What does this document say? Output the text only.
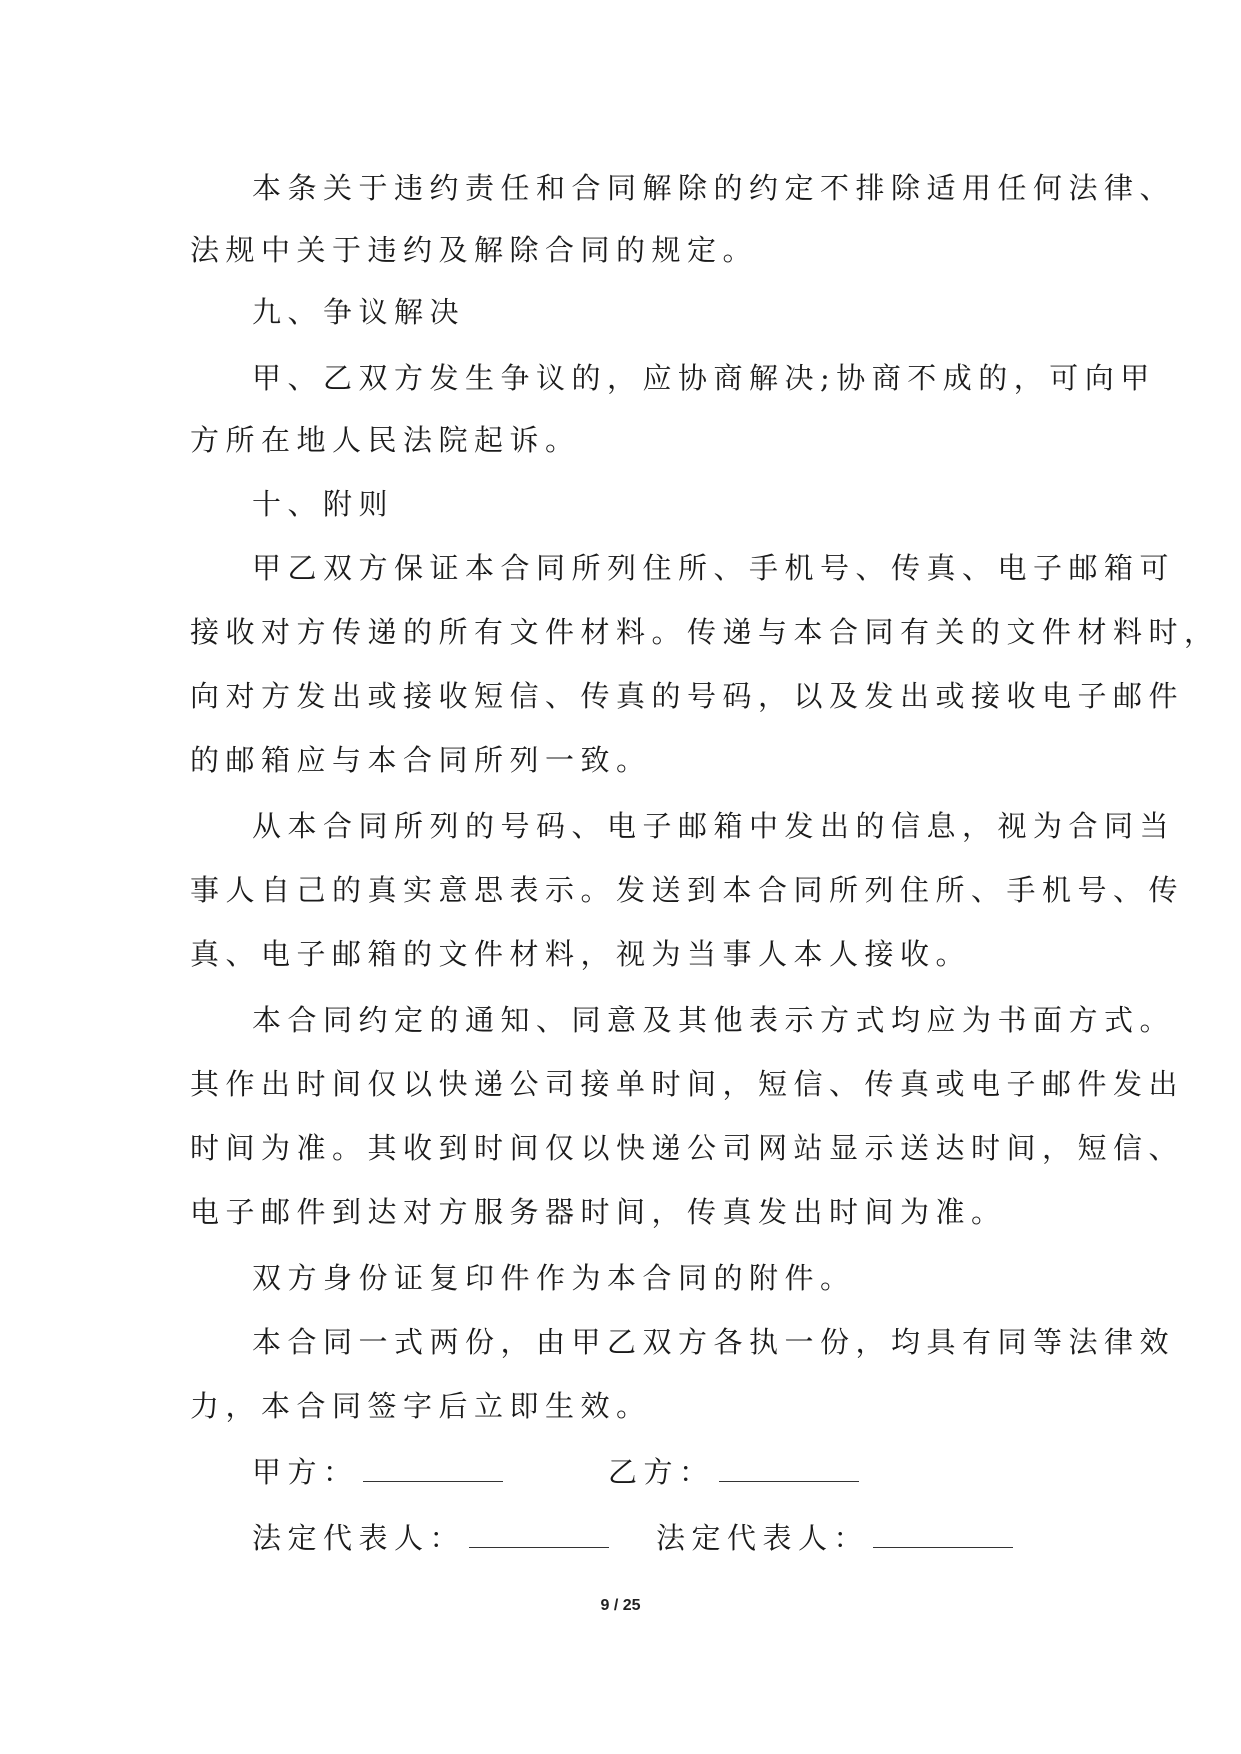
本条关于违约责任和合同解除的约定不排除适用任何法律、
法规中关于违约及解除合同的规定。
九、争议解决
甲、乙双方发生争议的，应协商解决;协商不成的，可向甲
方所在地人民法院起诉。
十、附则
甲乙双方保证本合同所列住所、手机号、传真、电子邮箱可
接收对方传递的所有文件材料。传递与本合同有关的文件材料时，
向对方发出或接收短信、传真的号码，以及发出或接收电子邮件
的邮箱应与本合同所列一致。
从本合同所列的号码、电子邮箱中发出的信息，视为合同当
事人自己的真实意思表示。发送到本合同所列住所、手机号、传
真、电子邮箱的文件材料，视为当事人本人接收。
本合同约定的通知、同意及其他表示方式均应为书面方式。
其作出时间仅以快递公司接单时间，短信、传真或电子邮件发出
时间为准。其收到时间仅以快递公司网站显示送达时间，短信、
电子邮件到达对方服务器时间，传真发出时间为准。
双方身份证复印件作为本合同的附件。
本合同一式两份，由甲乙双方各执一份，均具有同等法律效
力，本合同签字后立即生效。
甲方：	乙方：
法定代表人：	法定代表人：
9 / 25
